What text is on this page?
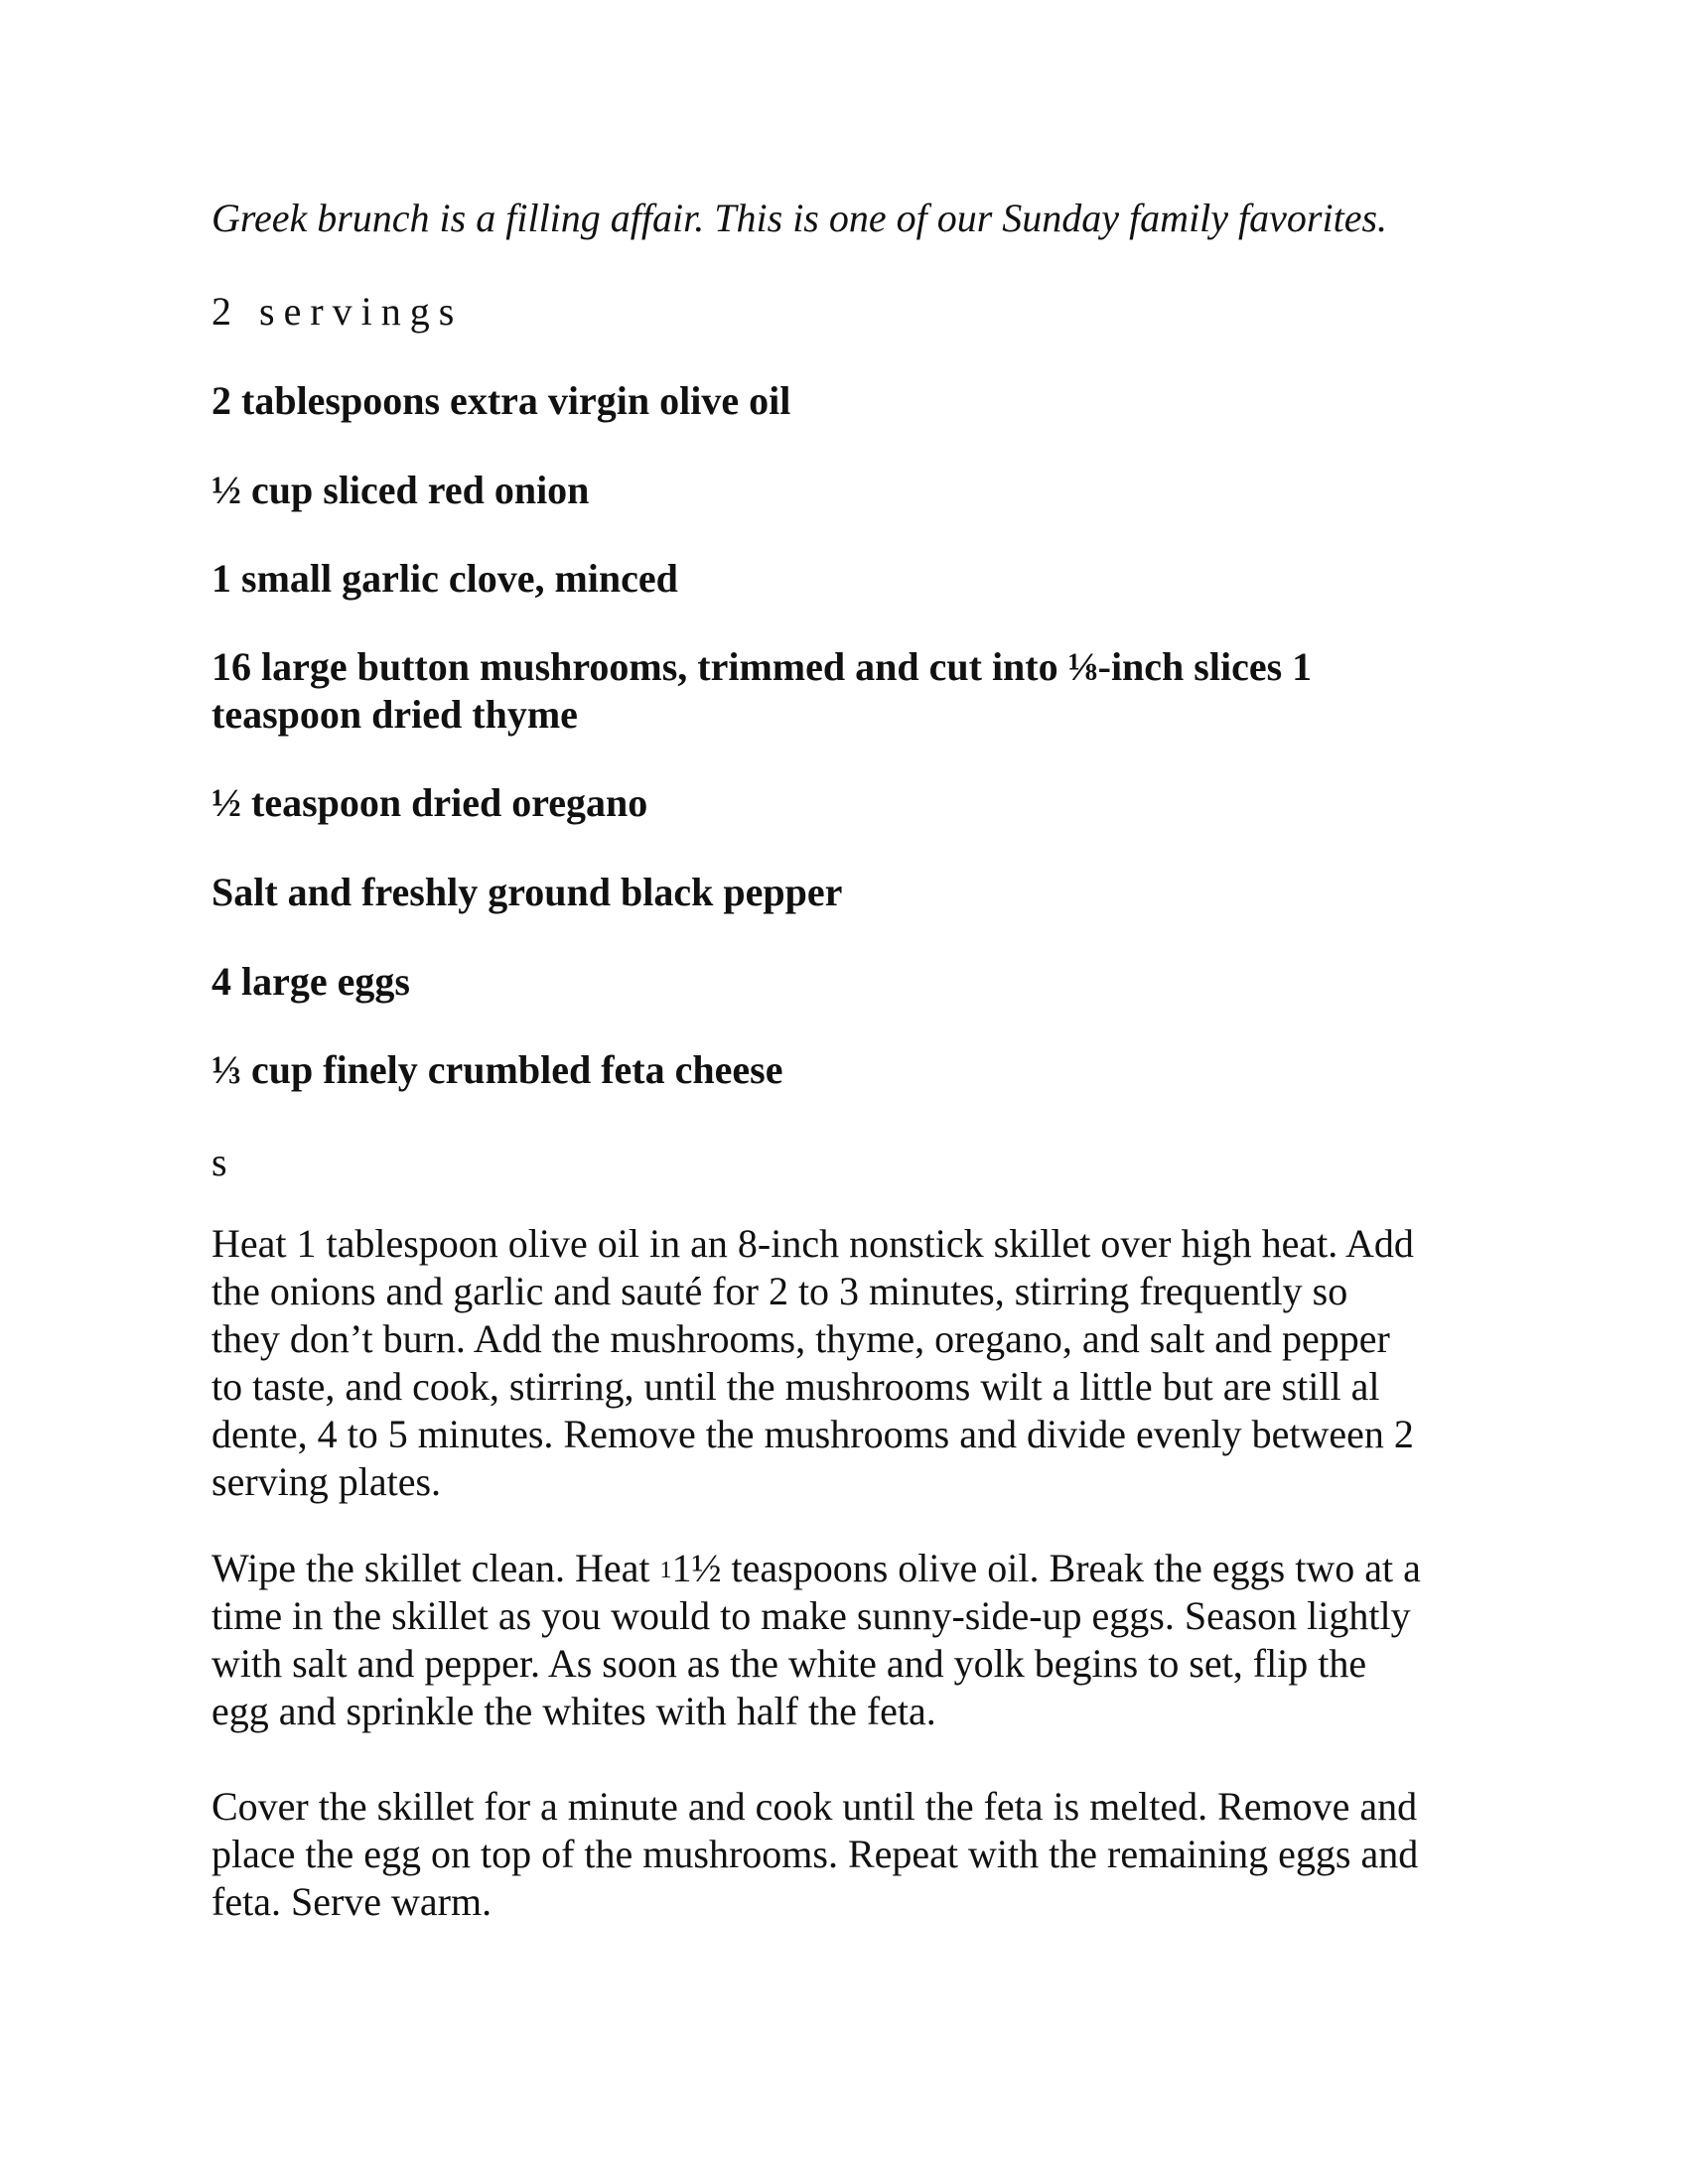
Greek brunch is a filling affair. This is one of our Sunday family favorites.

2 servings

2 tablespoons extra virgin olive oil

½ cup sliced red onion

1 small garlic clove, minced

16 large button mushrooms, trimmed and cut into ⅛-inch slices 1

teaspoon dried thyme

½ teaspoon dried oregano

Salt and freshly ground black pepper

4 large eggs

⅓ cup finely crumbled feta cheese

s

Heat 1 tablespoon olive oil in an 8-inch nonstick skillet over high heat. Add
the onions and garlic and sauté for 2 to 3 minutes, stirring frequently so
they don’t burn. Add the mushrooms, thyme, oregano, and salt and pepper
to taste, and cook, stirring, until the mushrooms wilt a little but are still al
dente, 4 to 5 minutes. Remove the mushrooms and divide evenly between 2
serving plates.
Wipe the skillet clean. Heat $^1$1½ teaspoons olive oil. Break the eggs two at a
time in the skillet as you would to make sunny-side-up eggs. Season lightly
with salt and pepper. As soon as the white and yolk begins to set, flip the
egg and sprinkle the whites with half the feta.
Cover the skillet for a minute and cook until the feta is melted. Remove and
place the egg on top of the mushrooms. Repeat with the remaining eggs and
feta. Serve warm.
